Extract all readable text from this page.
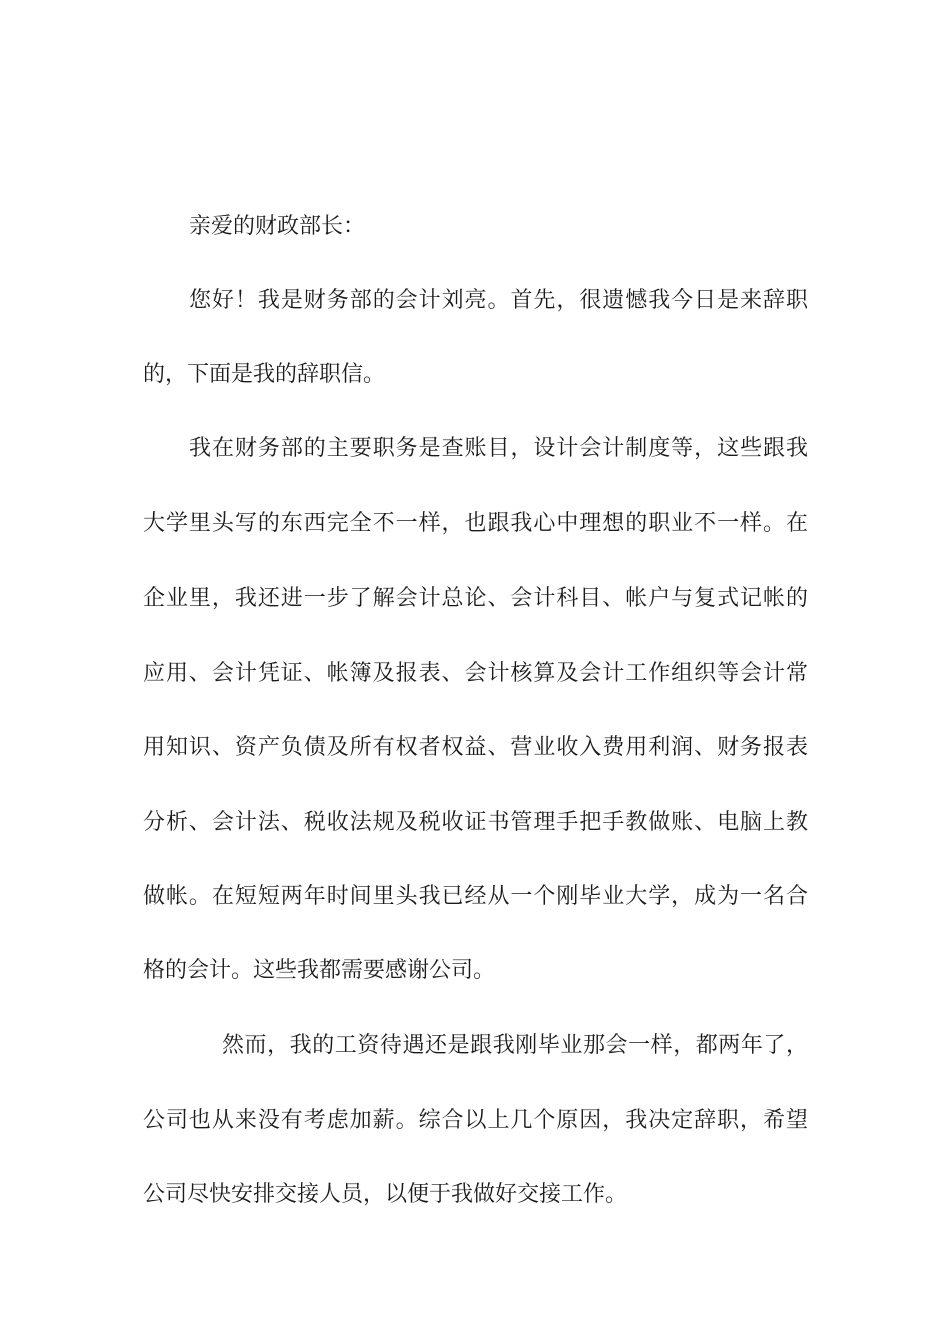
亲爱的财政部长：
您好！我是财务部的会计刘亮。首先，很遗憾我今日是来辞职
的，下面是我的辞职信。
我在财务部的主要职务是查账目，设计会计制度等，这些跟我
大学里头写的东西完全不一样，也跟我心中理想的职业不一样。在
企业里，我还进一步了解会计总论、会计科目、帐户与复式记帐的
应用、会计凭证、帐簿及报表、会计核算及会计工作组织等会计常
用知识、资产负债及所有权者权益、营业收入费用利润、财务报表
分析、会计法、税收法规及税收证书管理手把手教做账、电脑上教
做帐。在短短两年时间里头我已经从一个刚毕业大学，成为一名合
格的会计。这些我都需要感谢公司。
然而，我的工资待遇还是跟我刚毕业那会一样，都两年了，
公司也从来没有考虑加薪。综合以上几个原因，我决定辞职，希望
公司尽快安排交接人员，以便于我做好交接工作。
